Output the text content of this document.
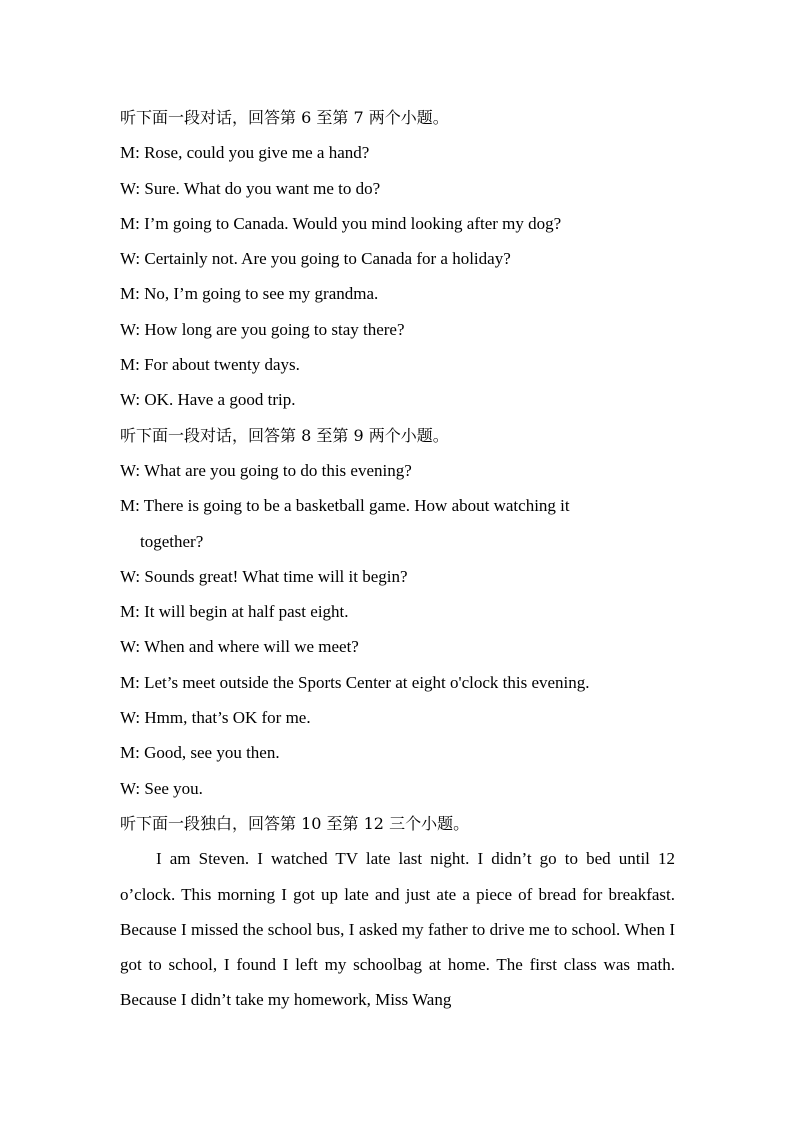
听下面一段对话，回答第 6 至第 7 两个小题。
M: Rose, could you give me a hand?
W: Sure. What do you want me to do?
M: I’m going to Canada. Would you mind looking after my dog?
W: Certainly not. Are you going to Canada for a holiday?
M: No, I’m going to see my grandma.
W: How long are you going to stay there?
M: For about twenty days.
W: OK. Have a good trip.
听下面一段对话，回答第 8 至第 9 两个小题。
W: What are you going to do this evening?
M: There is going to be a basketball game. How about watching it
together?
W: Sounds great! What time will it begin?
M: It will begin at half past eight.
W: When and where will we meet?
M: Let’s meet outside the Sports Center at eight o'clock this evening.
W: Hmm, that’s OK for me.
M: Good, see you then.
W: See you.
听下面一段独白，回答第 10 至第 12 三个小题。

I am Steven. I watched TV late last night. I didn’t go to bed until 12 o’clock. This morning I got up late and just ate a piece of bread for breakfast. Because I missed the school bus, I asked my father to drive me to school. When I got to school, I found I left my schoolbag at home. The first class was math. Because I didn’t take my homework, Miss Wang
